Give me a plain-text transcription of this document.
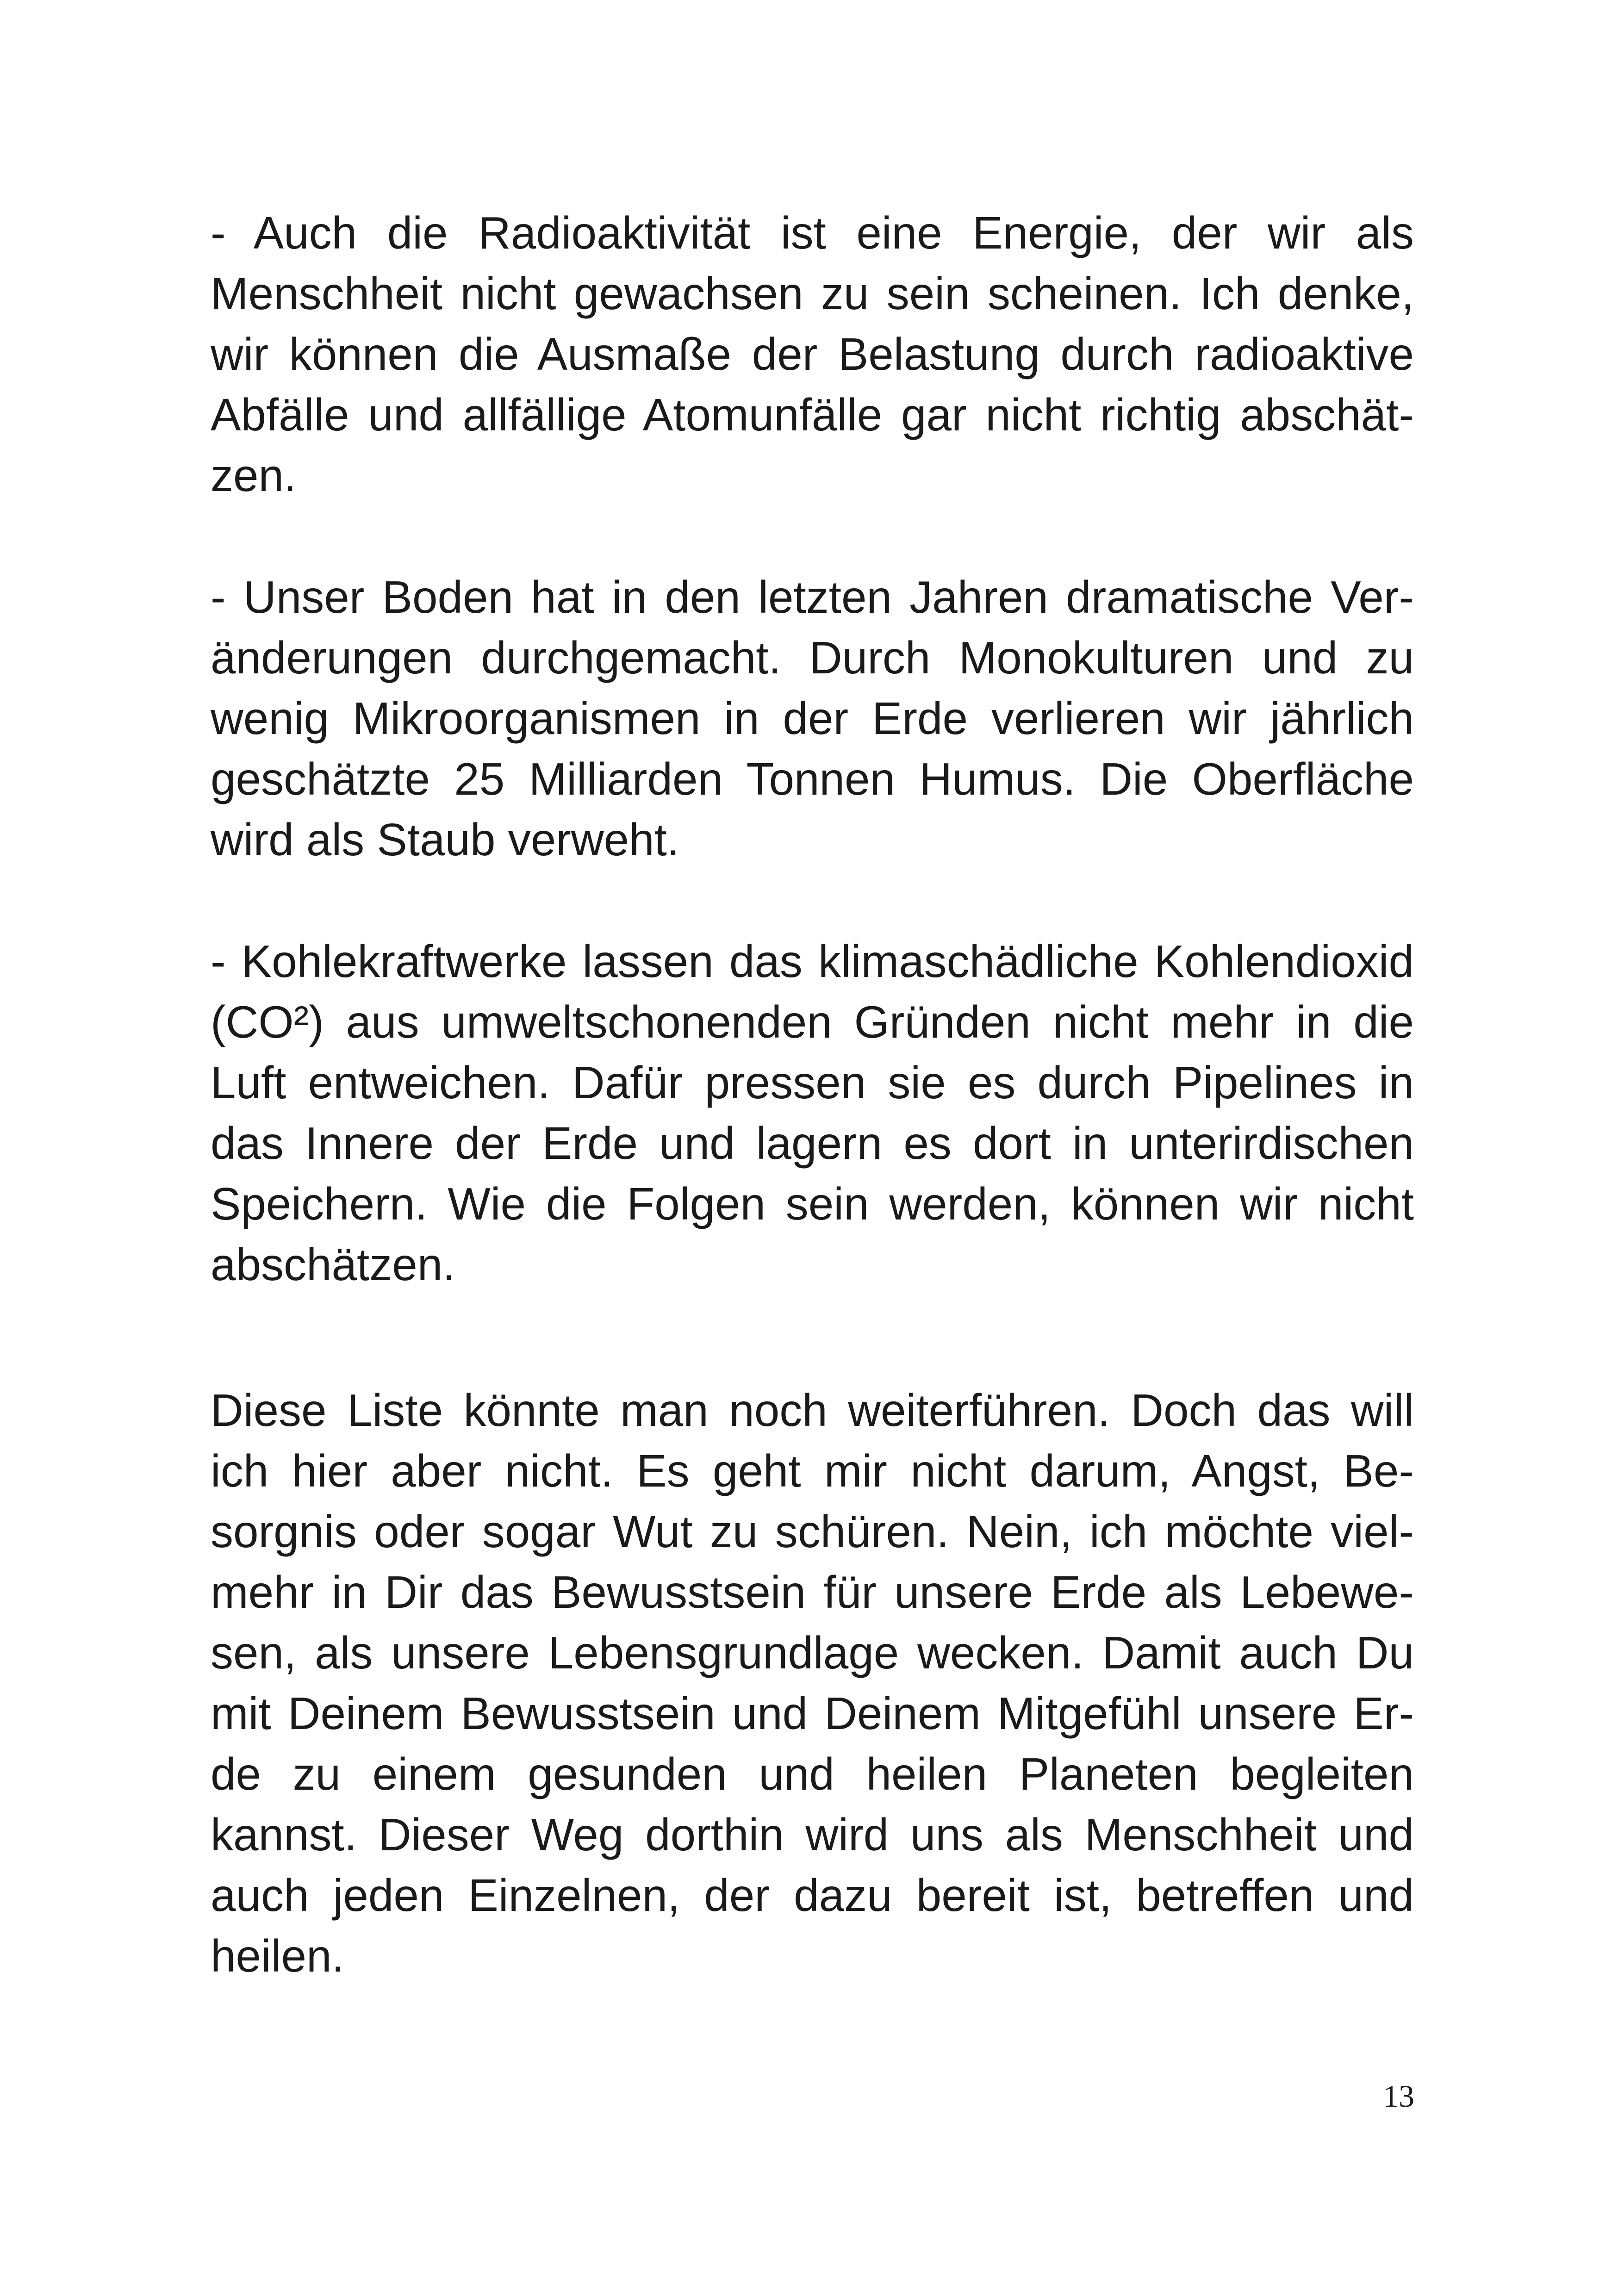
- Auch die Radioaktivität ist eine Energie, der wir als
Menschheit nicht gewachsen zu sein scheinen. Ich denke,
wir können die Ausmaße der Belastung durch radioaktive
Abfälle und allfällige Atomunfälle gar nicht richtig abschät-
zen.
- Unser Boden hat in den letzten Jahren dramatische Ver-
änderungen durchgemacht. Durch Monokulturen und zu
wenig Mikroorganismen in der Erde verlieren wir jährlich
geschätzte 25 Milliarden Tonnen Humus. Die Oberfläche
wird als Staub verweht.
- Kohlekraftwerke lassen das klimaschädliche Kohlendioxid
(CO²) aus umweltschonenden Gründen nicht mehr in die
Luft entweichen. Dafür pressen sie es durch Pipelines in
das Innere der Erde und lagern es dort in unterirdischen
Speichern. Wie die Folgen sein werden, können wir nicht
abschätzen.
Diese Liste könnte man noch weiterführen. Doch das will
ich hier aber nicht. Es geht mir nicht darum, Angst, Be-
sorgnis oder sogar Wut zu schüren. Nein, ich möchte viel-
mehr in Dir das Bewusstsein für unsere Erde als Lebewe-
sen, als unsere Lebensgrundlage wecken. Damit auch Du
mit Deinem Bewusstsein und Deinem Mitgefühl unsere Er-
de zu einem gesunden und heilen Planeten begleiten
kannst. Dieser Weg dorthin wird uns als Menschheit und
auch jeden Einzelnen, der dazu bereit ist, betreffen und
heilen.
13
